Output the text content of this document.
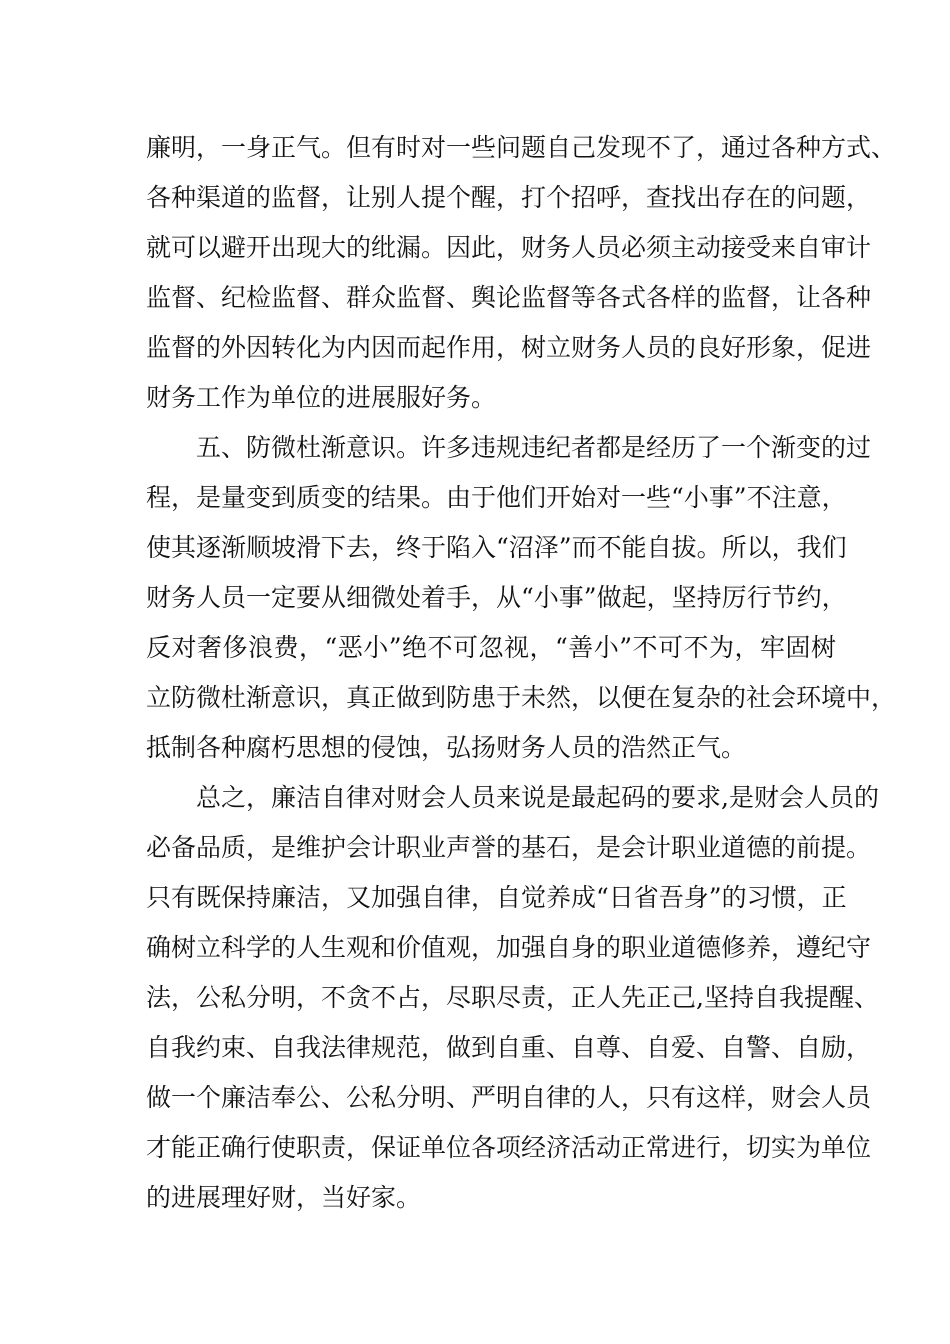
廉明，一身正气。但有时对一些问题自己发现不了，通过各种方式、
各种渠道的监督，让别人提个醒，打个招呼，查找出存在的问题，
就可以避开出现大的纰漏。因此，财务人员必须主动接受来自审计
监督、纪检监督、群众监督、舆论监督等各式各样的监督，让各种
监督的外因转化为内因而起作用，树立财务人员的良好形象，促进
财务工作为单位的进展服好务。
五、防微杜渐意识。许多违规违纪者都是经历了一个渐变的过
程，是量变到质变的结果。由于他们开始对一些“小事”不注意，
使其逐渐顺坡滑下去，终于陷入“沼泽”而不能自拔。所以，我们
财务人员一定要从细微处着手，从“小事”做起，坚持厉行节约，
反对奢侈浪费，“恶小”绝不可忽视，“善小”不可不为，牢固树
立防微杜渐意识，真正做到防患于未然，以便在复杂的社会环境中，
抵制各种腐朽思想的侵蚀，弘扬财务人员的浩然正气。
总之，廉洁自律对财会人员来说是最起码的要求,是财会人员的
必备品质，是维护会计职业声誉的基石，是会计职业道德的前提。
只有既保持廉洁，又加强自律，自觉养成“日省吾身”的习惯，正
确树立科学的人生观和价值观，加强自身的职业道德修养，遵纪守
法，公私分明，不贪不占，尽职尽责，正人先正己,坚持自我提醒、
自我约束、自我法律规范，做到自重、自尊、自爱、自警、自励，
做一个廉洁奉公、公私分明、严明自律的人，只有这样，财会人员
才能正确行使职责，保证单位各项经济活动正常进行，切实为单位
的进展理好财，当好家。
